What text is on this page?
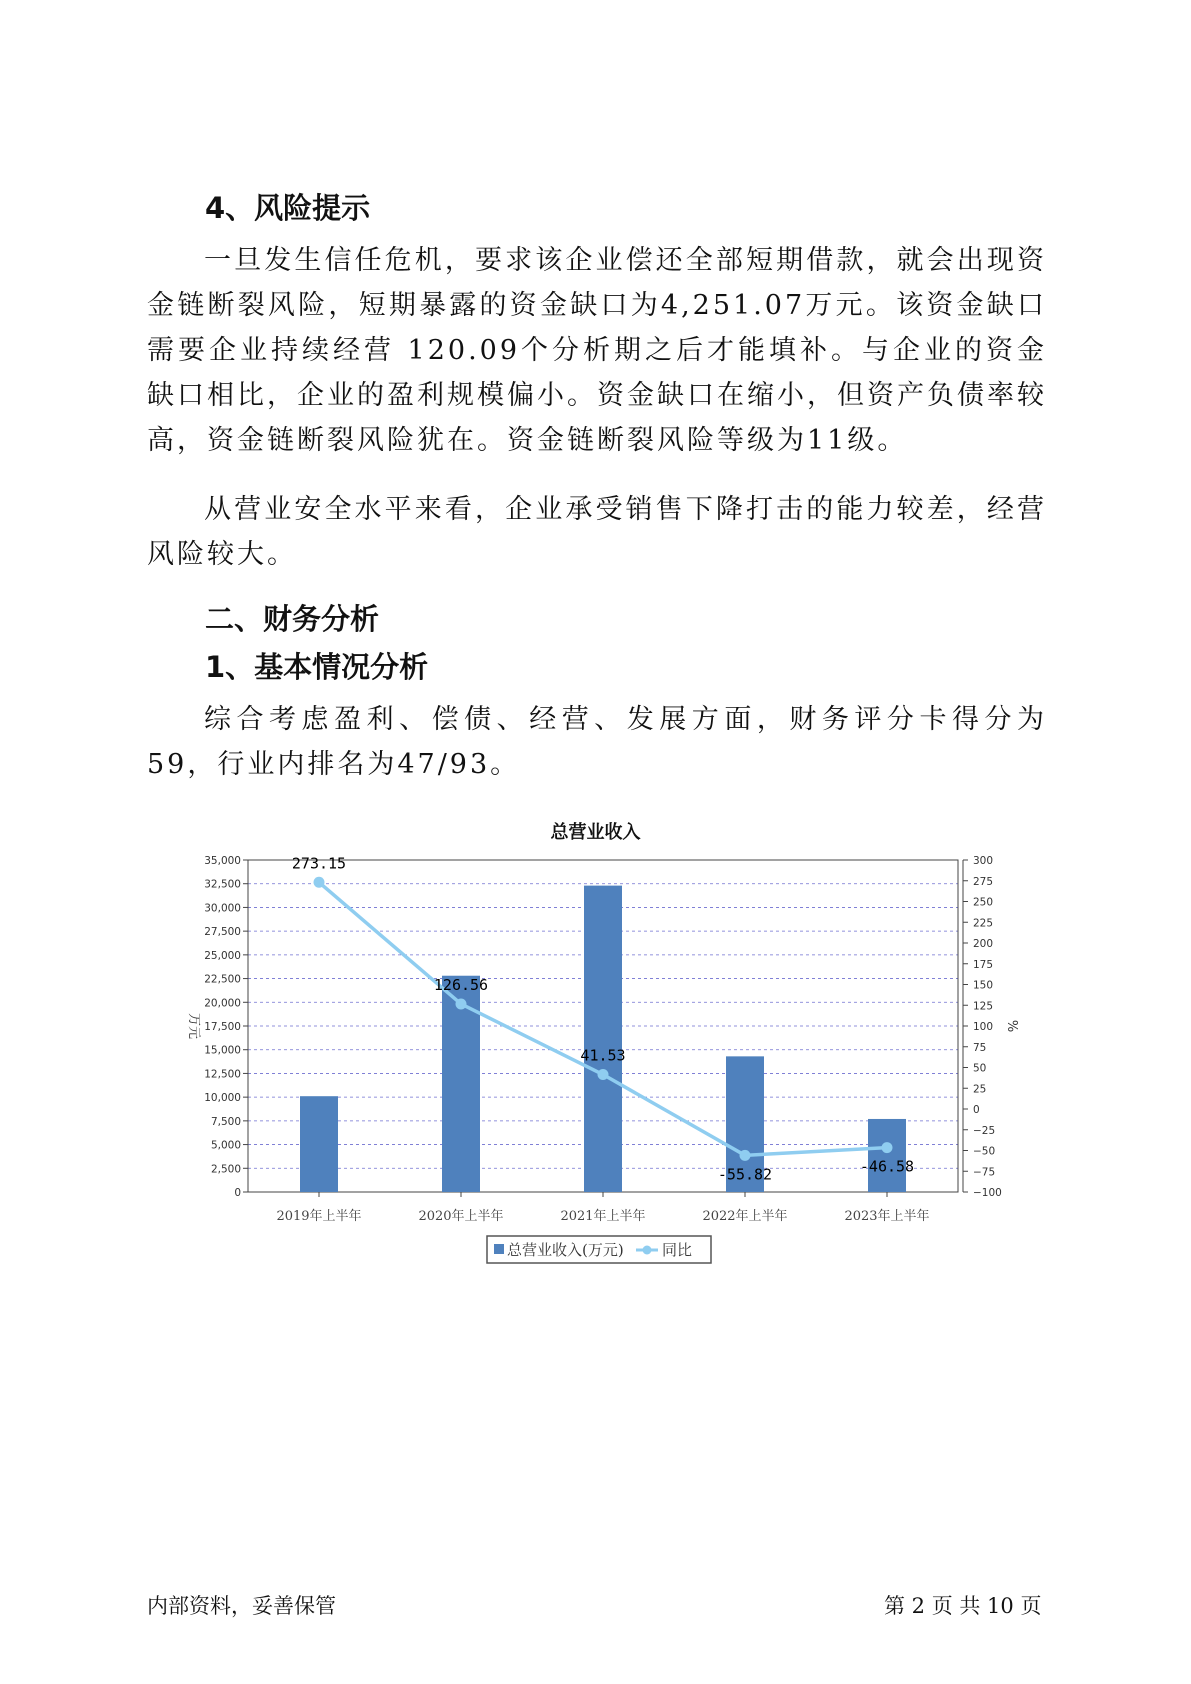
4、风险提示

一旦发生信任危机，要求该企业偿还全部短期借款，就会出现资金链断裂风险，短期暴露的资金缺口为4,251.07万元。该资金缺口需要企业持续经营 120.09个分析期之后才能填补。与企业的资金缺口相比，企业的盈利规模偏小。资金缺口在缩小，但资产负债率较高，资金链断裂风险犹在。资金链断裂风险等级为11级。

从营业安全水平来看，企业承受销售下降打击的能力较差，经营风险较大。

二、财务分析
1、基本情况分析

综合考虑盈利、偿债、经营、发展方面，财务评分卡得分为59，行业内排名为47/93。

总营业收入
0
2,500
5,000
7,500
10,000
12,500
15,000
17,500
20,000
22,500
25,000
27,500
30,000
32,500
35,000
−100
−75
−50
−25
0
25
50
75
100
125
150
175
200
225
250
275
300
273.15
126.56
41.53
-55.82	-46.58
2019年上半年	2020年上半年	2021年上半年	2022年上半年	2023年上半年
万元	%
总营业收入(万元)	同比
内部资料，妥善保管	第 2 页 共 10 页
